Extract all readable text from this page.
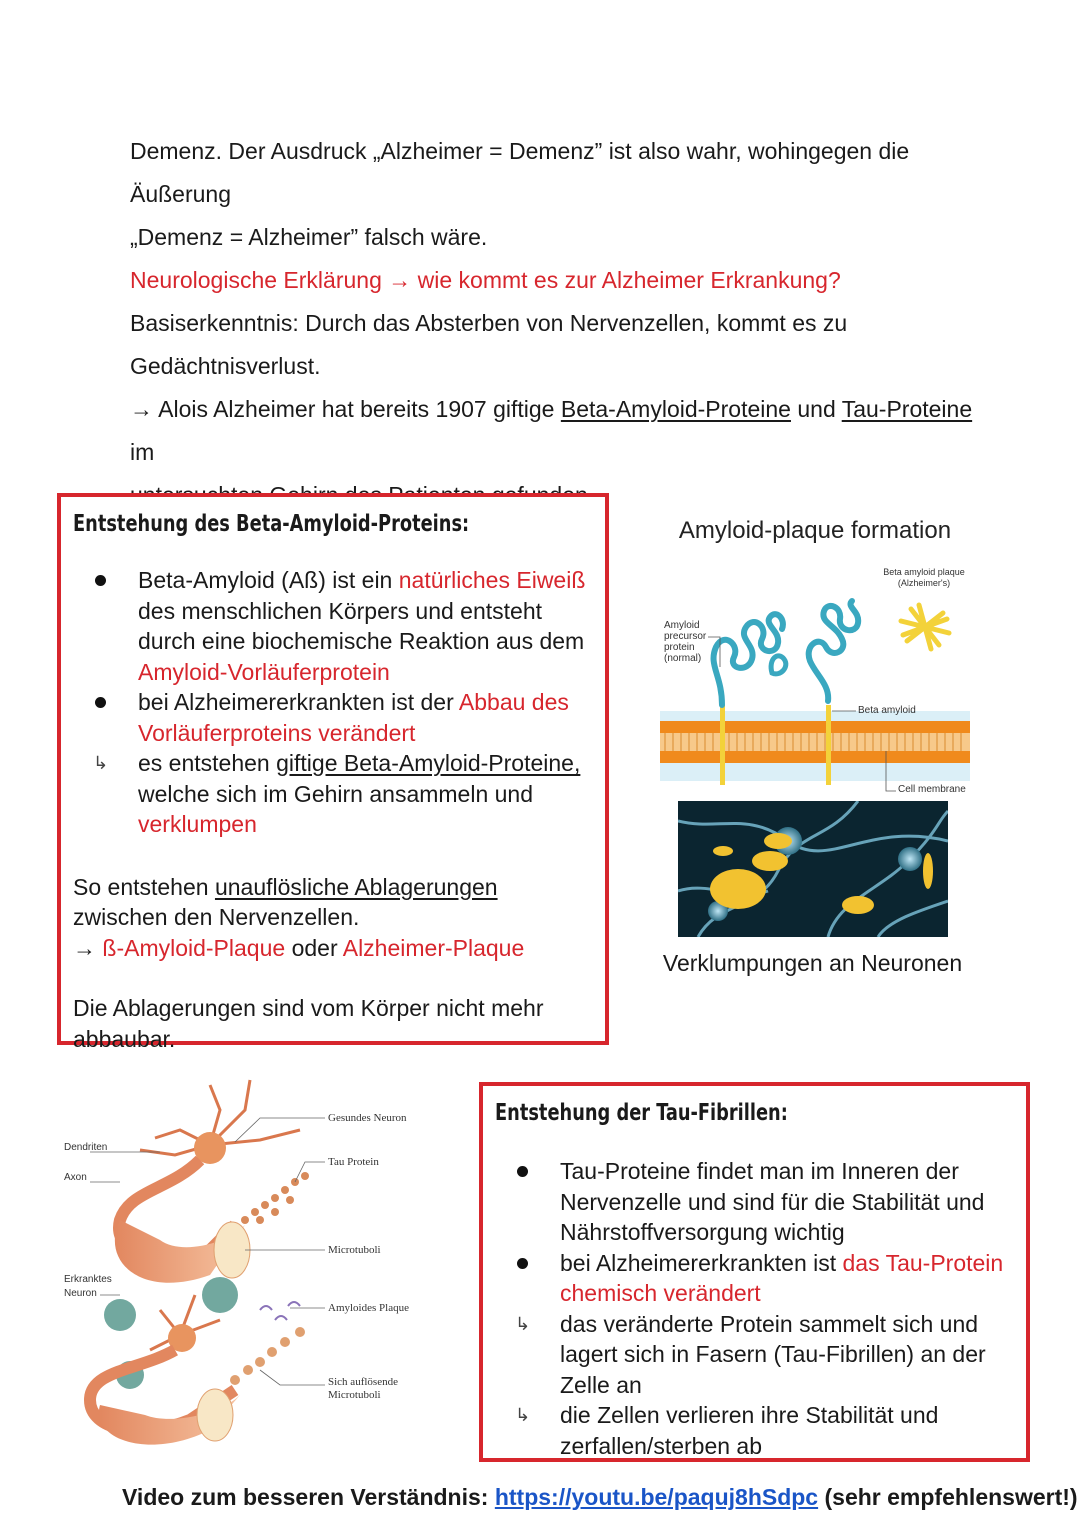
Demenz. Der Ausdruck „Alzheimer = Demenz” ist also wahr, wohingegen die Äußerung

„Demenz = Alzheimer” falsch wäre.

Neurologische Erklärung → wie kommt es zur Alzheimer Erkrankung?

Basiserkenntnis: Durch das Absterben von Nervenzellen, kommt es zu Gedächtnisverlust.

→ Alois Alzheimer hat bereits 1907 giftige Beta-Amyloid-Proteine und Tau-Proteine im

Entstehung des Beta-Amyloid-Proteins:
Beta-Amyloid (Aß) ist ein natürliches Eiweiß des menschlichen Körpers und entsteht durch eine biochemische Reaktion aus dem
Amyloid-Vorläuferprotein
bei Alzheimererkrankten ist der Abbau des Vorläuferproteins verändert
↳ es entstehen giftige Beta-Amyloid-Proteine, welche sich im Gehirn ansammeln und
verklumpen
So entstehen unauflösliche Ablagerungen zwischen den Nervenzellen.
→ ß-Amyloid-Plaque oder Alzheimer-Plaque
Die Ablagerungen sind vom Körper nicht mehr abbaubar.
Amyloid-plaque formation
Amyloid
precursor
protein
(normal)
Beta amyloid plaque
(Alzheimer's)
Beta amyloid
Cell membrane
Verklumpungen an Neuronen
Dendriten
Axon
Gesundes Neuron
Tau Protein
Microtuboli
Erkranktes
Neuron
Amyloides Plaque
Sich auflösende
Microtuboli
Entstehung der Tau-Fibrillen:
Tau-Proteine findet man im Inneren der Nervenzelle und sind für die Stabilität und Nährstoffversorgung wichtig
bei Alzheimererkrankten ist das Tau-Protein chemisch verändert
↳ das veränderte Protein sammelt sich und lagert sich in Fasern (Tau-Fibrillen) an der Zelle an
↳ die Zellen verlieren ihre Stabilität und zerfallen/sterben ab
Video zum besseren Verständnis: https://youtu.be/paquj8hSdpc (sehr empfehlenswert!)
